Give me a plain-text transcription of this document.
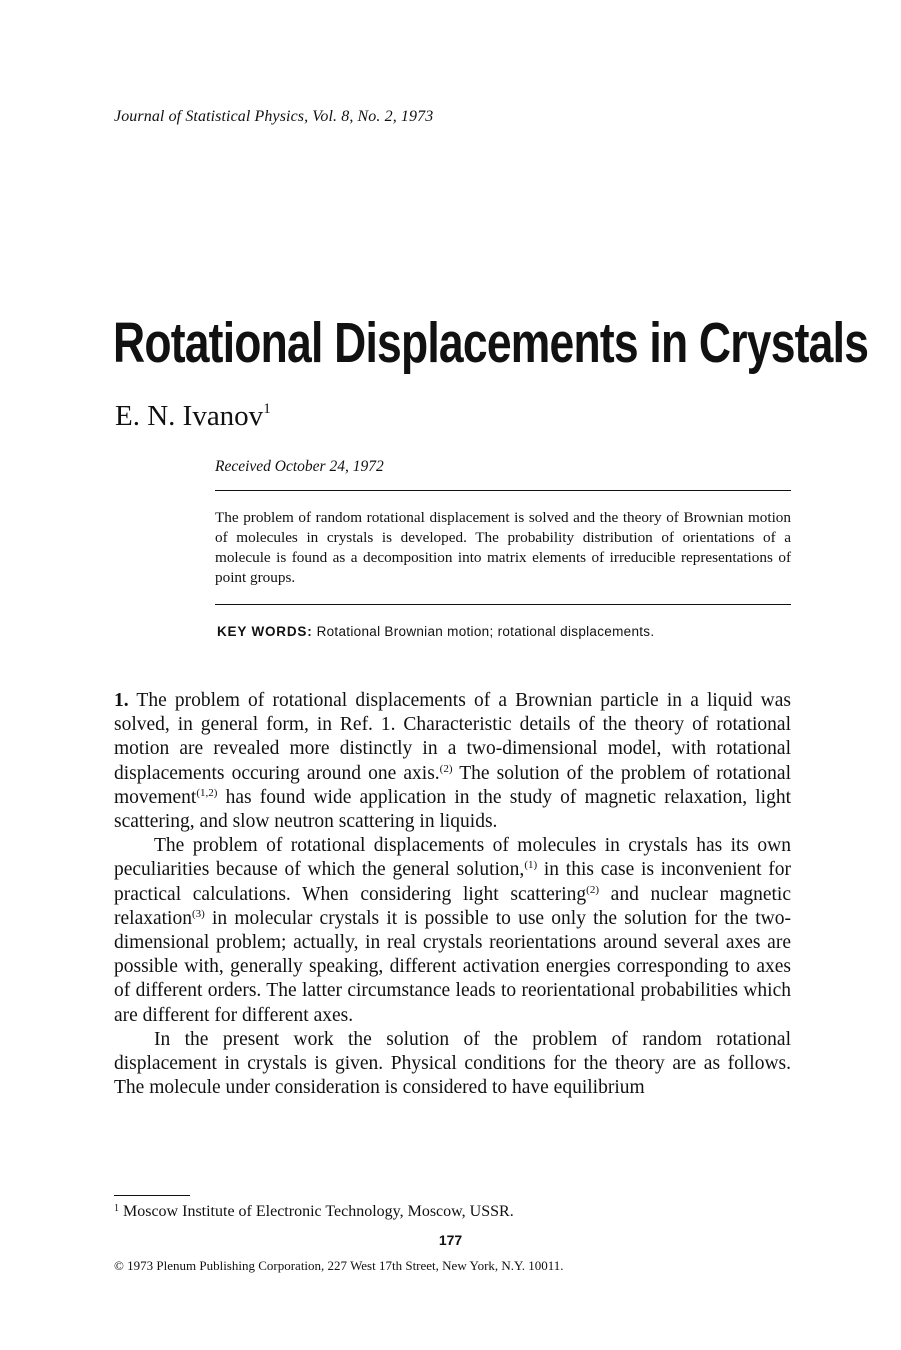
Journal of Statistical Physics, Vol. 8, No. 2, 1973
Rotational Displacements in Crystals
E. N. Ivanov$^1$
Received October 24, 1972
The problem of random rotational displacement is solved and the theory of Brownian motion of molecules in crystals is developed. The probability distribution of orientations of a molecule is found as a decomposition into matrix elements of irreducible representations of point groups.
KEY WORDS: Rotational Brownian motion; rotational displacements.

1. The problem of rotational displacements of a Brownian particle in a liquid was solved, in general form, in Ref. 1. Characteristic details of the theory of rotational motion are revealed more distinctly in a two-dimensional model, with rotational displacements occuring around one axis.$^{(2)}$ The solution of the problem of rotational movement$^{(1,2)}$ has found wide application in the study of magnetic relaxation, light scattering, and slow neutron scattering in liquids.

The problem of rotational displacements of molecules in crystals has its own peculiarities because of which the general solution,$^{(1)}$ in this case is inconvenient for practical calculations. When considering light scattering$^{(2)}$ and nuclear magnetic relaxation$^{(3)}$ in molecular crystals it is possible to use only the solution for the two-dimensional problem; actually, in real crystals reorientations around several axes are possible with, generally speaking, different activation energies corresponding to axes of different orders. The latter circumstance leads to reorientational probabilities which are different for different axes.

In the present work the solution of the problem of random rotational displacement in crystals is given. Physical conditions for the theory are as follows. The molecule under consideration is considered to have equilibrium

$^1$ Moscow Institute of Electronic Technology, Moscow, USSR.
177
© 1973 Plenum Publishing Corporation, 227 West 17th Street, New York, N.Y. 10011.
